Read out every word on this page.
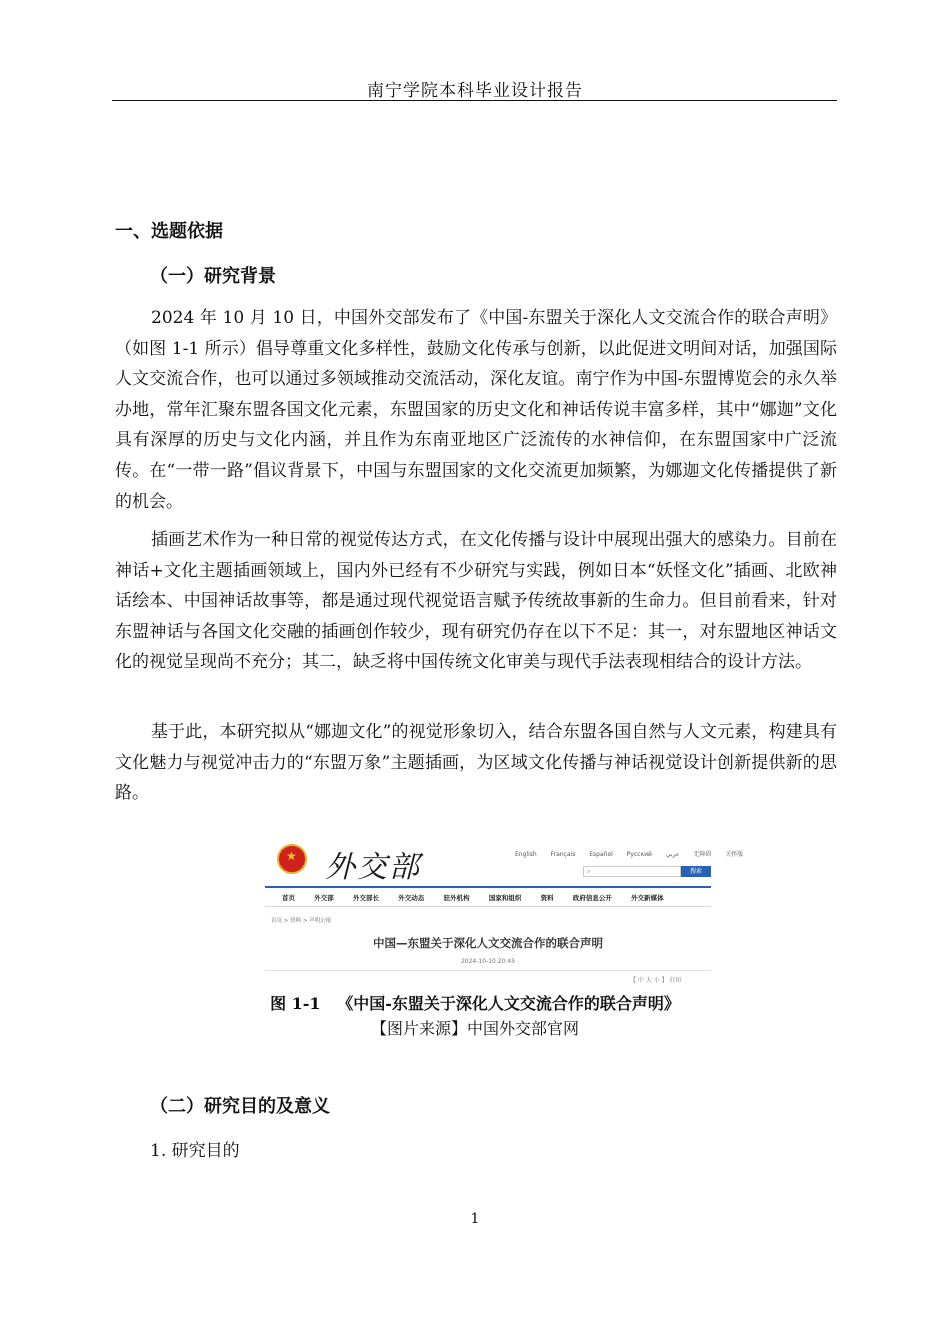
南宁学院本科毕业设计报告
一、选题依据
（一）研究背景

2024 年 10 月 10 日，中国外交部发布了《中国-东盟关于深化人文交流合作的联合声明》（如图 1-1 所示）倡导尊重文化多样性，鼓励文化传承与创新，以此促进文明间对话，加强国际人文交流合作，也可以通过多领域推动交流活动，深化友谊。南宁作为中国-东盟博览会的永久举办地，常年汇聚东盟各国文化元素，东盟国家的历史文化和神话传说丰富多样，其中“娜迦”文化具有深厚的历史与文化内涵，并且作为东南亚地区广泛流传的水神信仰，在东盟国家中广泛流传。在“一带一路”倡议背景下，中国与东盟国家的文化交流更加频繁，为娜迦文化传播提供了新的机会。

插画艺术作为一种日常的视觉传达方式，在文化传播与设计中展现出强大的感染力。目前在神话+文化主题插画领域上，国内外已经有不少研究与实践，例如日本“妖怪文化”插画、北欧神话绘本、中国神话故事等，都是通过现代视觉语言赋予传统故事新的生命力。但目前看来，针对东盟神话与各国文化交融的插画创作较少，现有研究仍存在以下不足：其一，对东盟地区神话文化的视觉呈现尚不充分；其二，缺乏将中国传统文化审美与现代手法表现相结合的设计方法。

基于此，本研究拟从“娜迦文化”的视觉形象切入，结合东盟各国自然与人文元素，构建具有文化魅力与视觉冲击力的“东盟万象”主题插画，为区域文化传播与神话视觉设计创新提供新的思路。

★
外交部	English Français Español Русский عربي 无障碍 关怀版
⌕	搜索
首页	外交部	外交部长	外交动态	驻外机构	国家和组织	资料	政府信息公开	外交新媒体
首页 > 资料 > 声明公报
中国—东盟关于深化人文交流合作的联合声明
2024-10-10 20:45
【 中 大 小 】 打印
图 1-1   《中国-东盟关于深化人文交流合作的联合声明》
【图片来源】中国外交部官网
（二）研究目的及意义
1. 研究目的
1
